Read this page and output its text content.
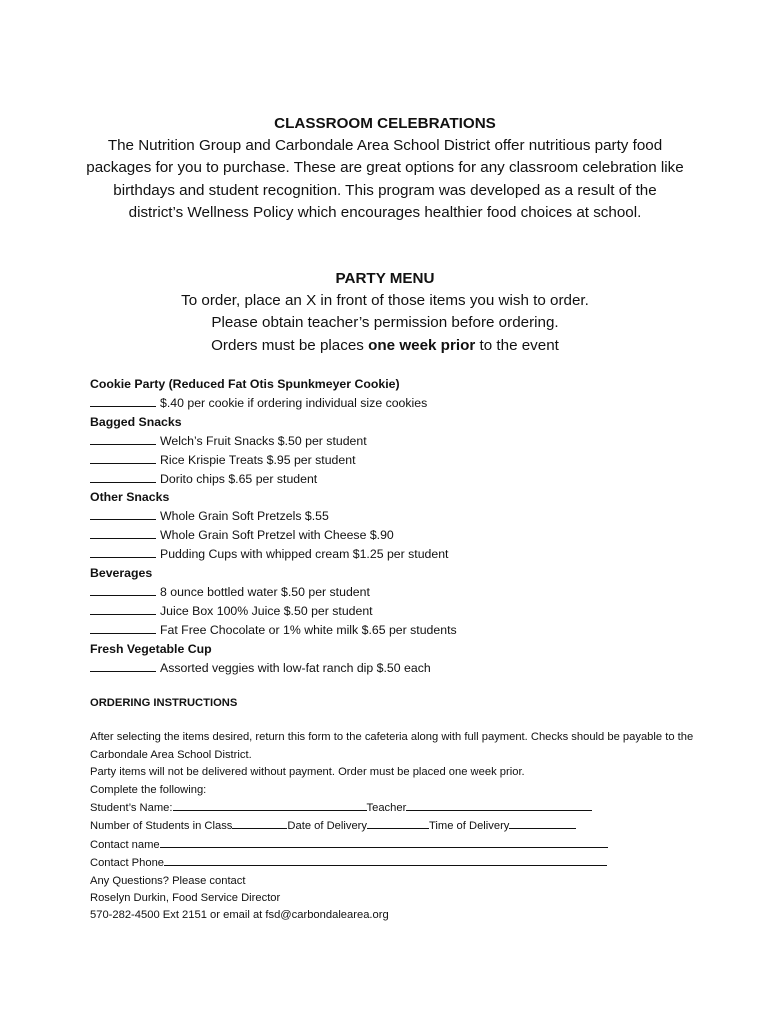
CLASSROOM CELEBRATIONS
The Nutrition Group and Carbondale Area School District offer nutritious party food packages for you to purchase. These are great options for any classroom celebration like birthdays and student recognition. This program was developed as a result of the district’s Wellness Policy which encourages healthier food choices at school.
PARTY MENU
To order, place an X in front of those items you wish to order.
Please obtain teacher’s permission before ordering.
Orders must be places one week prior to the event
Cookie Party (Reduced Fat Otis Spunkmeyer Cookie)
$.40 per cookie if ordering individual size cookies
Bagged Snacks
Welch’s Fruit Snacks $.50 per student
Rice Krispie Treats $.95 per student
Dorito chips $.65 per student
Other Snacks
Whole Grain Soft Pretzels $.55
Whole Grain Soft Pretzel with Cheese $.90
Pudding Cups with whipped cream $1.25 per student
Beverages
8 ounce bottled water $.50 per student
Juice Box 100% Juice $.50 per student
Fat Free Chocolate or 1% white milk $.65 per students
Fresh Vegetable Cup
Assorted veggies with low-fat ranch dip $.50 each
ORDERING INSTRUCTIONS
After selecting the items desired, return this form to the cafeteria along with full payment. Checks should be payable to the Carbondale Area School District.
Party items will not be delivered without payment. Order must be placed one week prior.
Complete the following:
Student’s Name:	Teacher
Number of Students in Class	Date of Delivery	Time of Delivery
Contact name
Contact Phone
Any Questions? Please contact
Roselyn Durkin, Food Service Director
570-282-4500 Ext 2151 or email at fsd@carbondalearea.org
